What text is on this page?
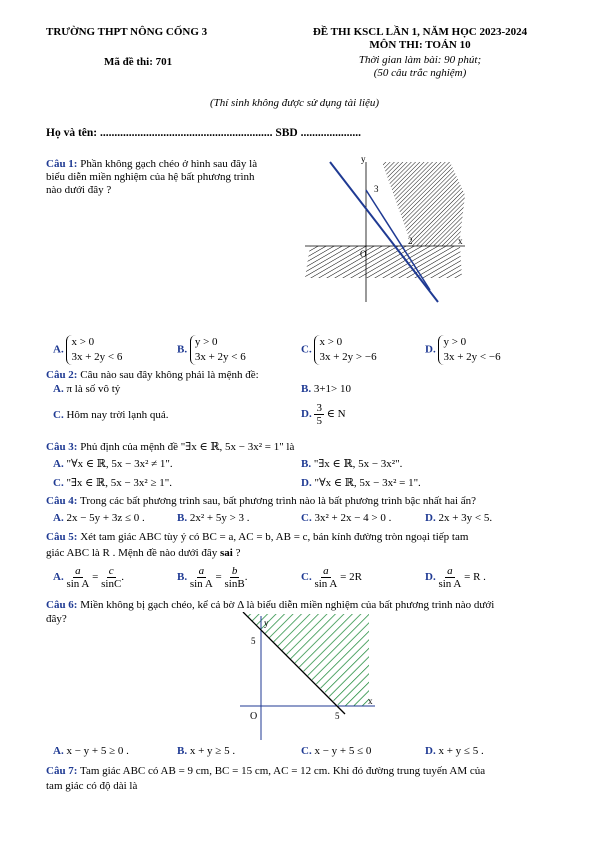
TRƯỜNG THPT NÔNG CỐNG 3	ĐỀ THI KSCL LẦN 1, NĂM HỌC 2023-2024
MÔN THI: TOÁN 10
Mã đề thi: 701	Thời gian làm bài: 90 phút;
(50 câu trắc nghiệm)
(Thí sinh không được sử dụng tài liệu)
Họ và tên: ............................................................ SBD .....................
Câu 1: Phần không gạch chéo ở hình sau đây là
biểu diễn miền nghiệm của hệ bất phương trình
nào dưới đây ?
y
x
O
3
2
A. x > 0
3x + 2y < 6
B. y > 0
3x + 2y < 6
C. x > 0
3x + 2y > −6
D. y > 0
3x + 2y < −6
Câu 2: Câu nào sau đây không phải là mệnh đề:
A. π là số vô tỷ	B. 3+1> 10
C. Hôm nay trời lạnh quá.	D. $\frac{3}{5}$ ∈ N
Câu 3: Phủ định của mệnh đề "∃x ∈ ℝ, 5x − 3x² = 1" là
A. "∀x ∈ ℝ, 5x − 3x² ≠ 1".	B. "∃x ∈ ℝ, 5x − 3x²".
C. "∃x ∈ ℝ, 5x − 3x² ≥ 1".	D. "∀x ∈ ℝ, 5x − 3x² = 1".
Câu 4: Trong các bất phương trình sau, bất phương trình nào là bất phương trình bậc nhất hai ẩn?
A. 2x − 5y + 3z ≤ 0 .	B. 2x² + 5y > 3 .	C. 3x² + 2x − 4 > 0 .	D. 2x + 3y < 5.
Câu 5: Xét tam giác ABC tùy ý có BC = a, AC = b, AB = c, bán kính đường tròn ngoại tiếp tam
giác ABC là R . Mệnh đề nào dưới đây sai ?
A. $\frac{a}{\text{sin A}} = \frac{c}{\sin C}$ .	B. $\frac{a}{\text{sin A}} = \frac{b}{\sin B}$ .	C. $\frac{a}{\text{sin A}} = 2R$	D. $\frac{a}{\text{sin A}} = R$ .
Câu 6: Miền không bị gạch chéo, kể cả bờ Δ là biểu diễn miền nghiệm của bất phương trình nào dưới
đây?	y
x
O
5
5
A. x − y + 5 ≥ 0 .	B. x + y ≥ 5 .	C. x − y + 5 ≤ 0	D. x + y ≤ 5 .
Câu 7: Tam giác ABC có AB = 9 cm, BC = 15 cm, AC = 12 cm. Khi đó đường trung tuyến AM của
tam giác có độ dài là
